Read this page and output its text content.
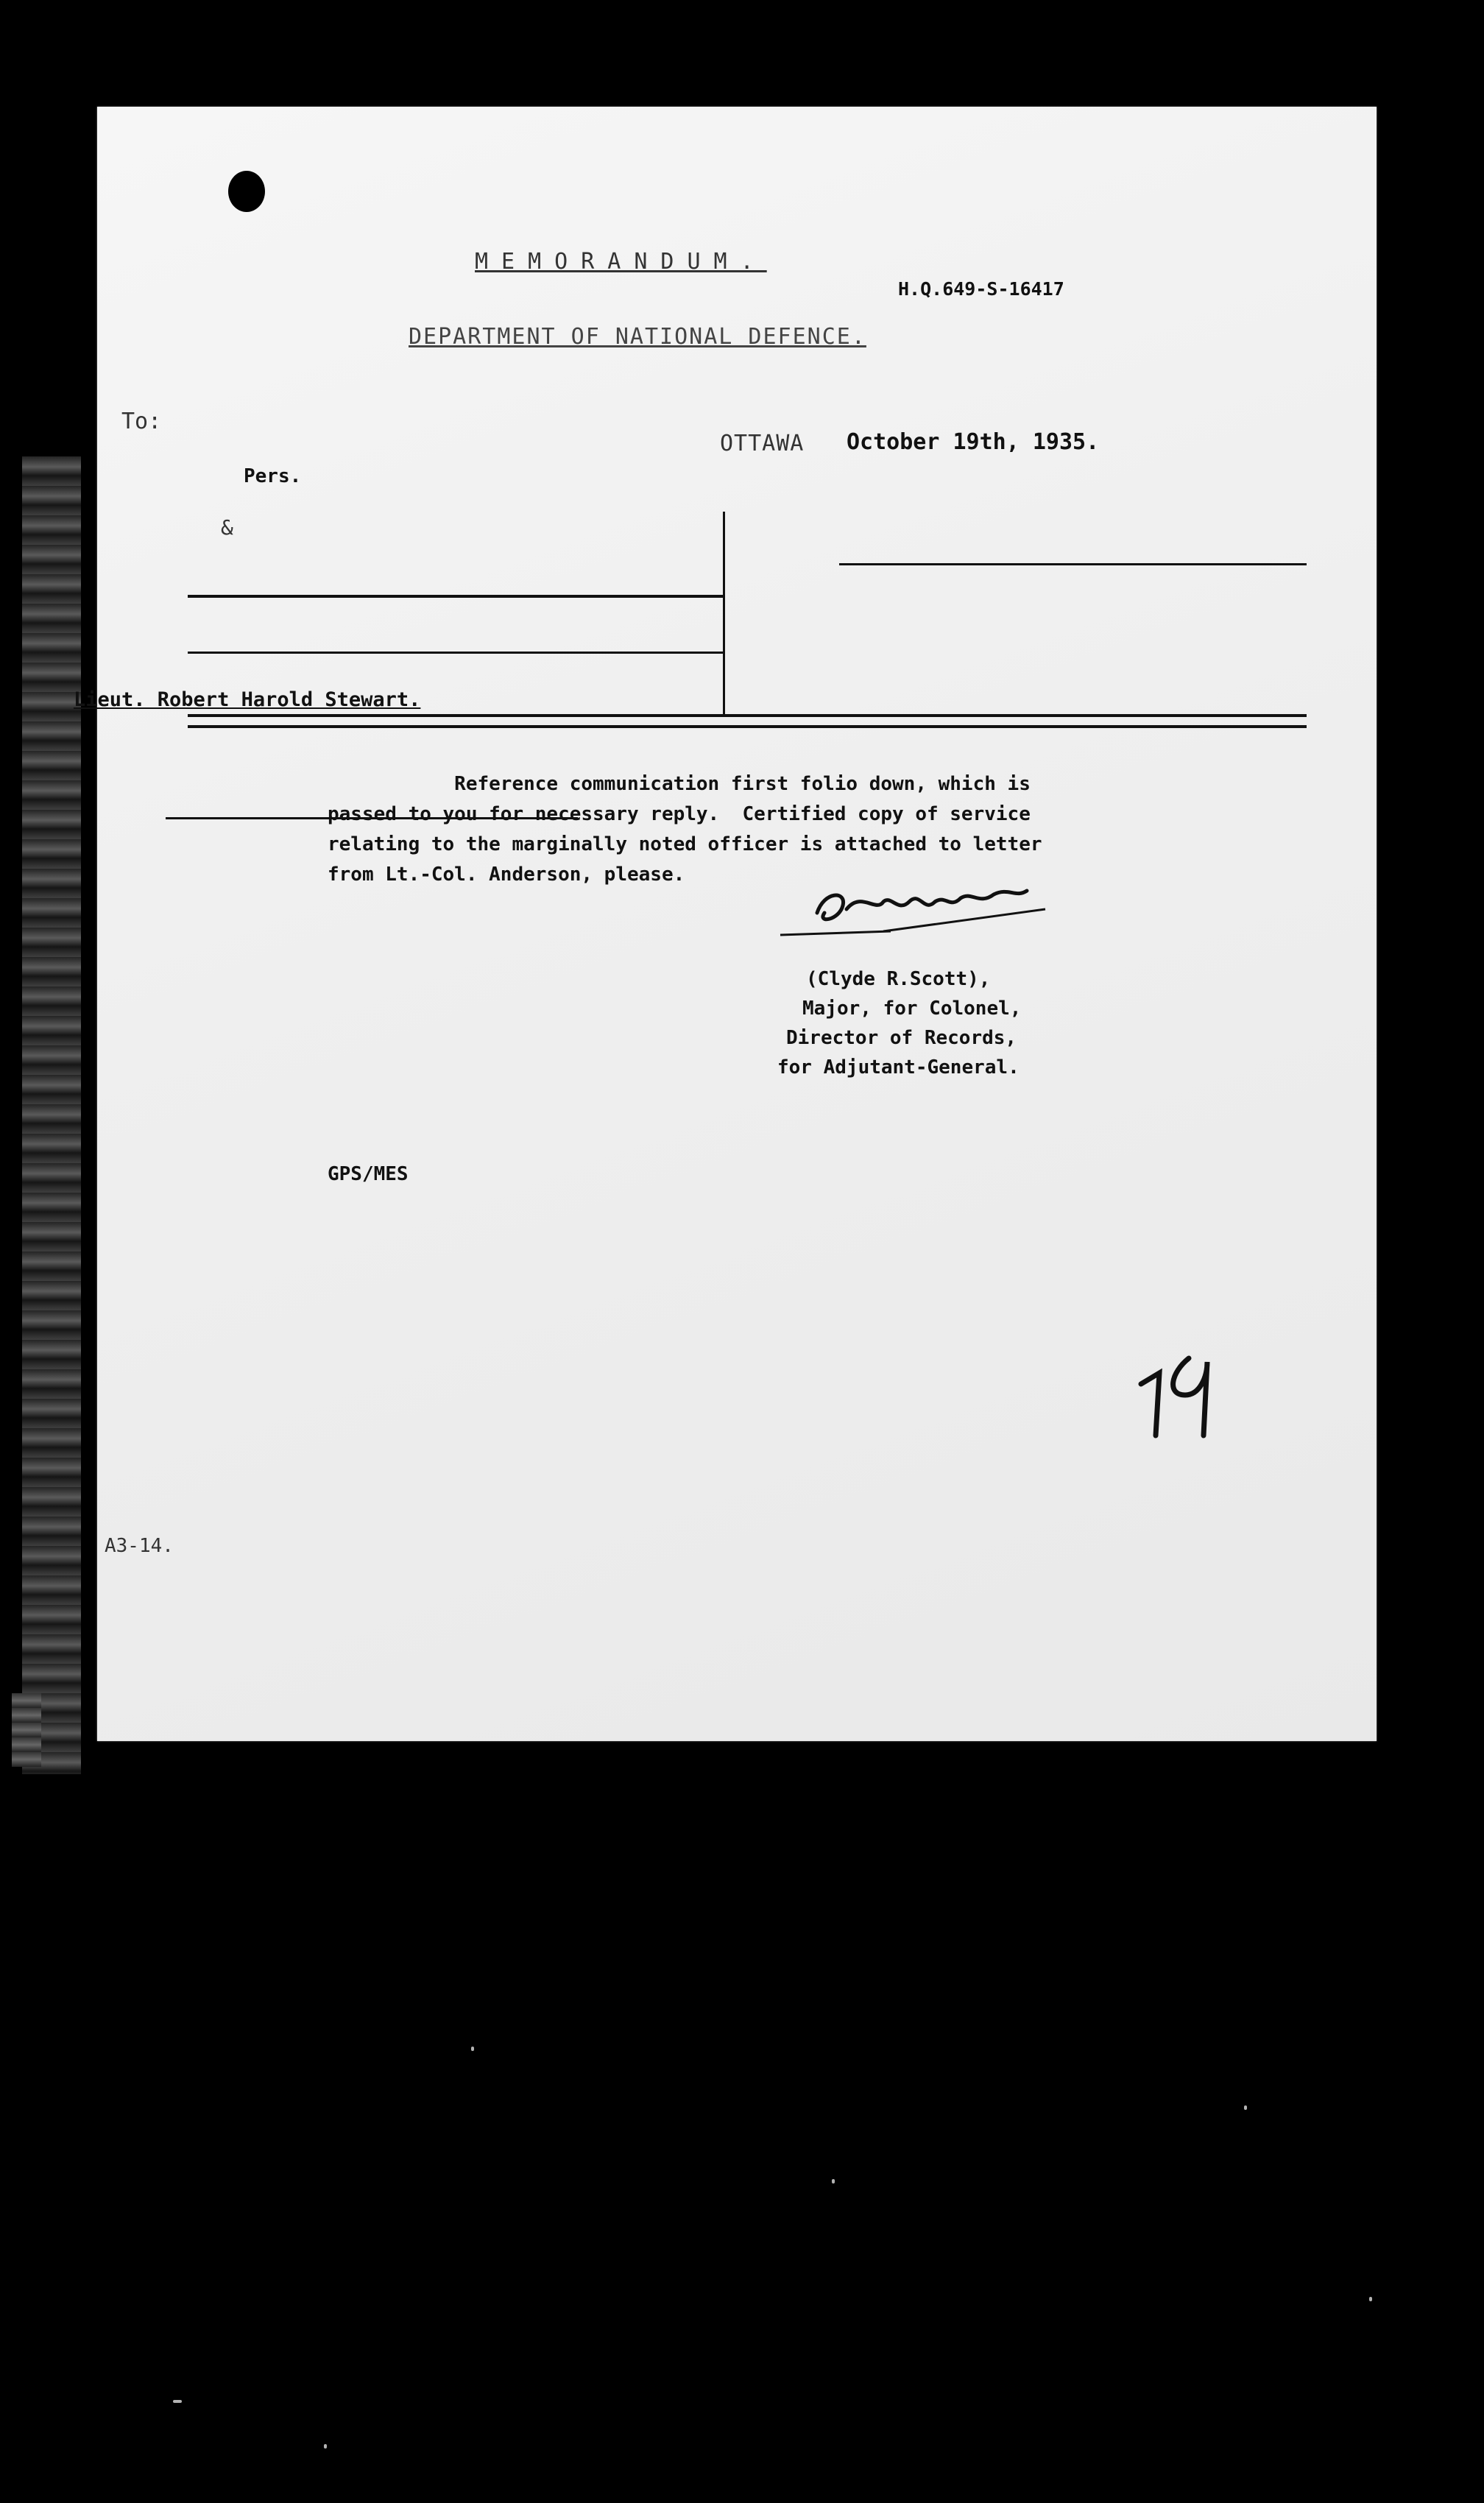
MEMORANDUM.
H.Q.649-S-16417
DEPARTMENT OF NATIONAL DEFENCE.
To:
Pers.
&
OTTAWA October 19th, 1935.
Lieut. Robert Harold Stewart.
Reference communication first folio down, which is
passed to you for necessary reply.  Certified copy of service
relating to the marginally noted officer is attached to letter
from Lt.-Col. Anderson, please.
(Clyde R.Scott),
Major, for Colonel,
Director of Records,
for Adjutant-General.
GPS/MES
A3-14.
